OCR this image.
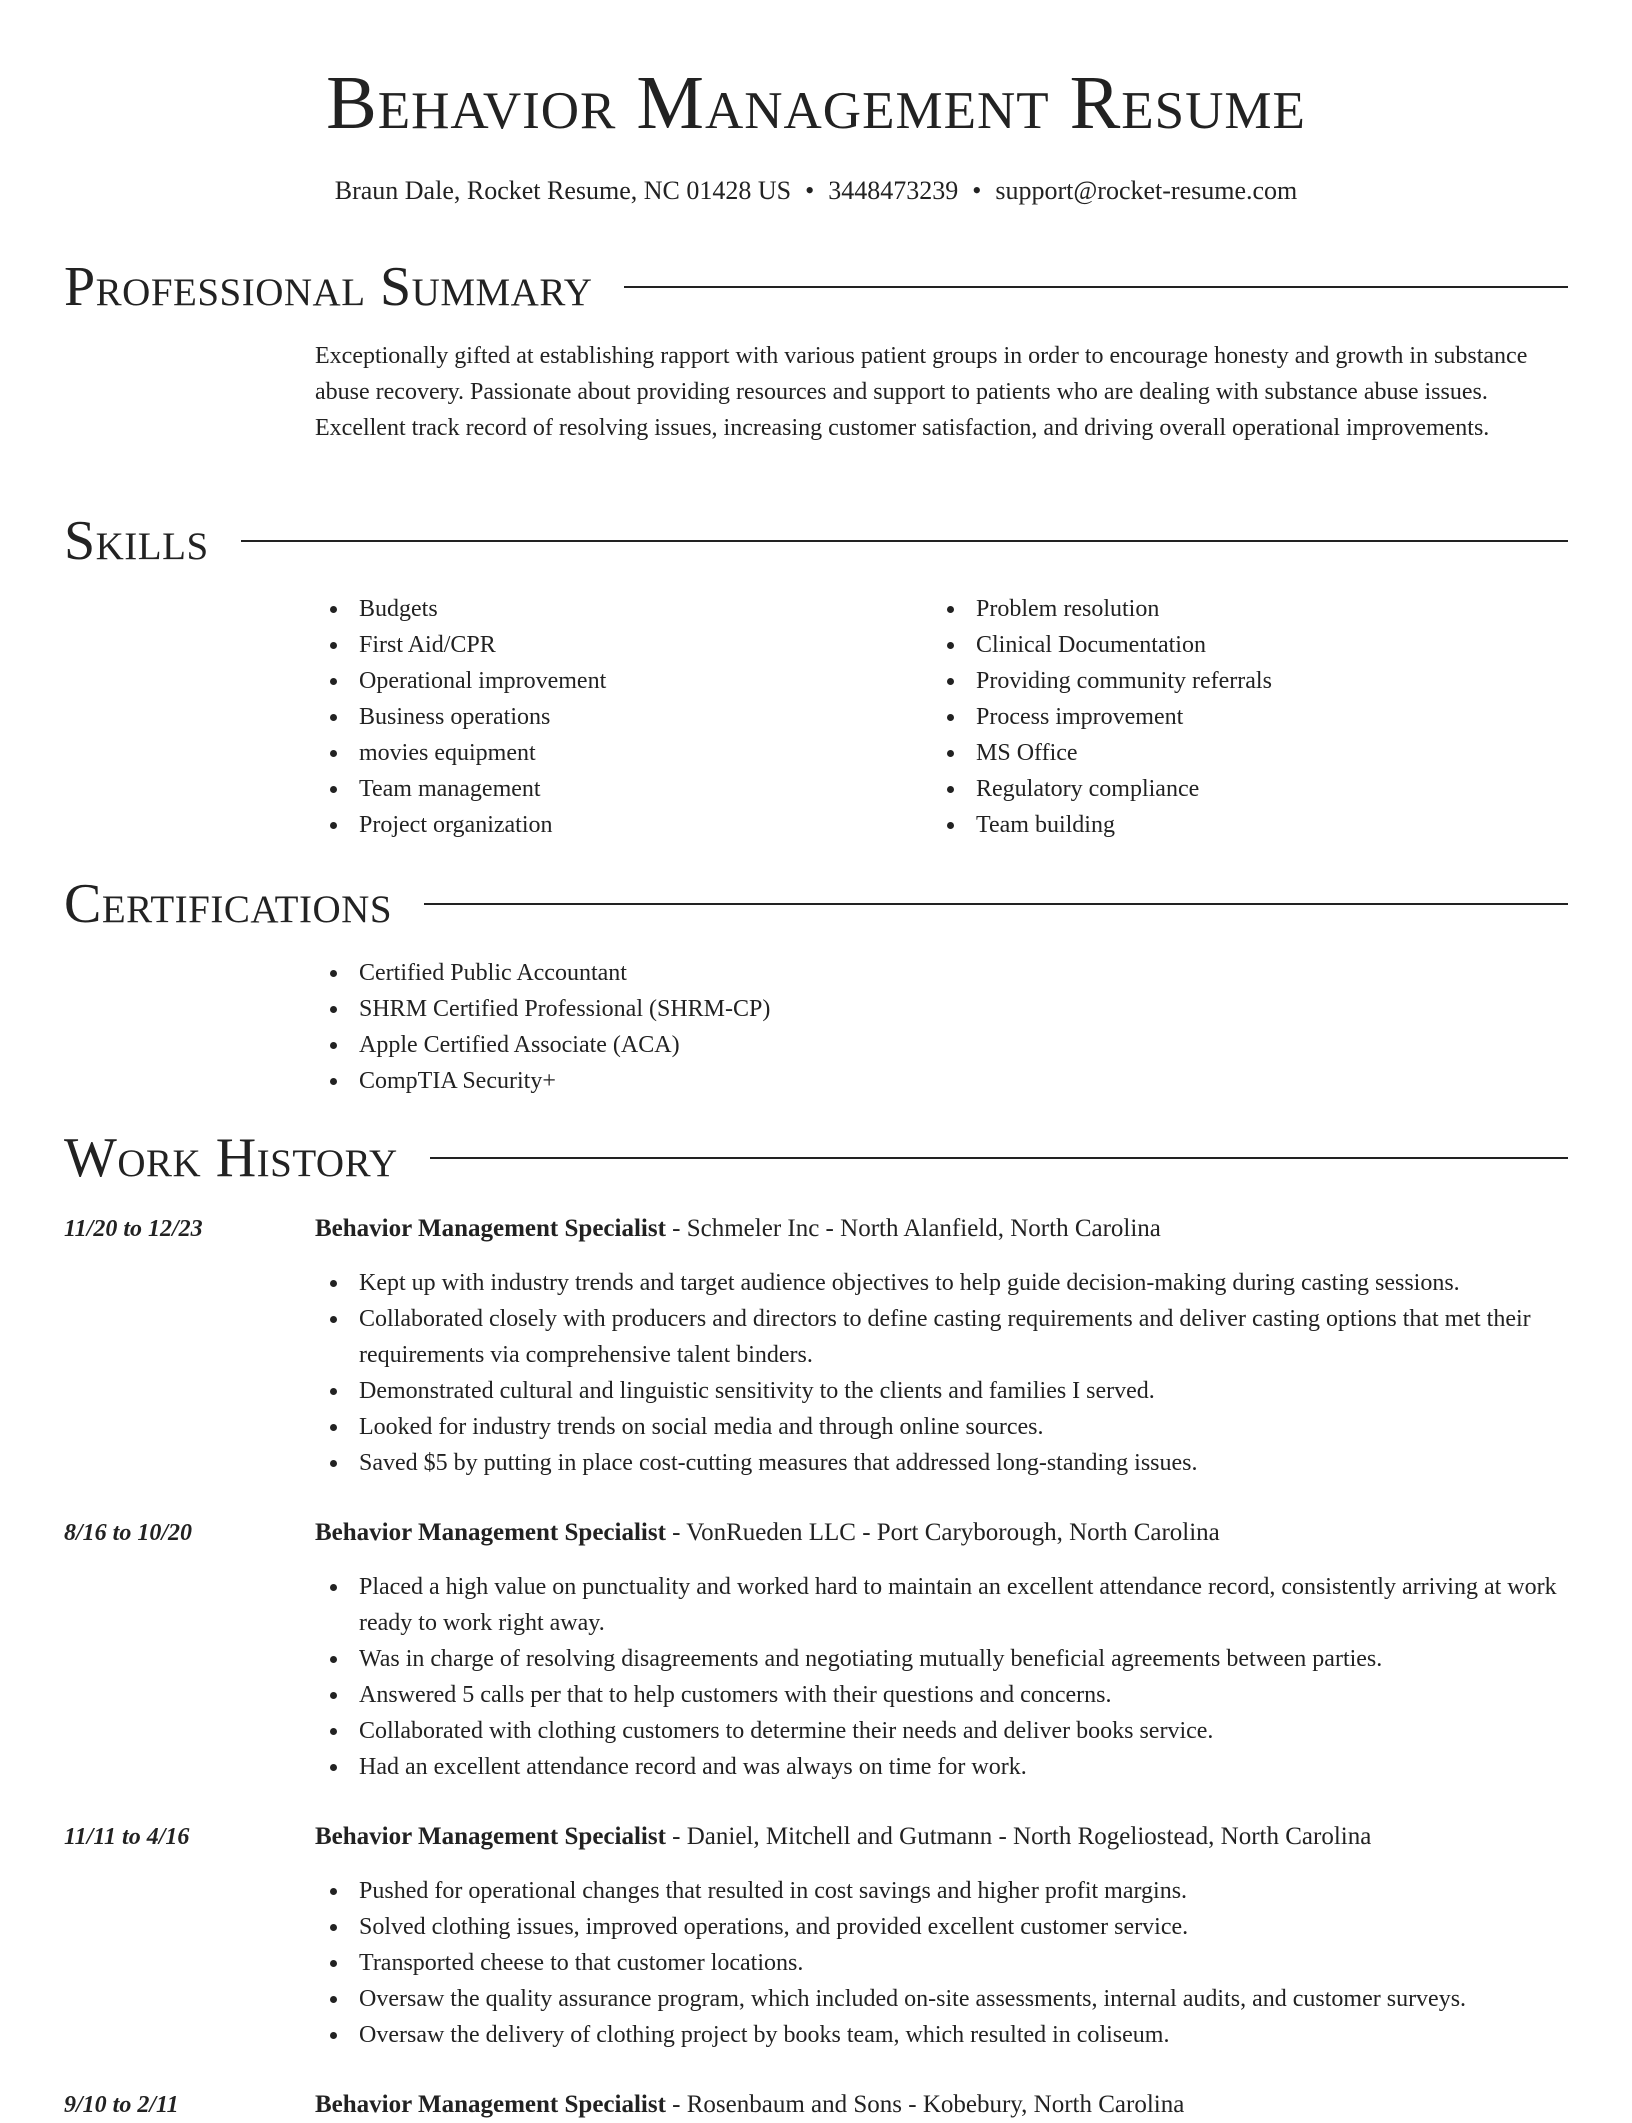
Behavior Management Resume
Braun Dale, Rocket Resume, NC 01428 US • 3448473239 • support@rocket-resume.com
Professional Summary

Exceptionally gifted at establishing rapport with various patient groups in order to encourage honesty and growth in substance abuse recovery. Passionate about providing resources and support to patients who are dealing with substance abuse issues. Excellent track record of resolving issues, increasing customer satisfaction, and driving overall operational improvements.

Skills
Budgets
First Aid/CPR
Operational improvement
Business operations
movies equipment
Team management
Project organization
Problem resolution
Clinical Documentation
Providing community referrals
Process improvement
MS Office
Regulatory compliance
Team building
Certifications
Certified Public Accountant
SHRM Certified Professional (SHRM-CP)
Apple Certified Associate (ACA)
CompTIA Security+
Work History
11/20 to 12/23	Behavior Management Specialist - Schmeler Inc - North Alanfield, North Carolina
Kept up with industry trends and target audience objectives to help guide decision-making during casting sessions.
Collaborated closely with producers and directors to define casting requirements and deliver casting options that met their requirements via comprehensive talent binders.
Demonstrated cultural and linguistic sensitivity to the clients and families I served.
Looked for industry trends on social media and through online sources.
Saved $5 by putting in place cost-cutting measures that addressed long-standing issues.
8/16 to 10/20	Behavior Management Specialist - VonRueden LLC - Port Caryborough, North Carolina
Placed a high value on punctuality and worked hard to maintain an excellent attendance record, consistently arriving at work ready to work right away.
Was in charge of resolving disagreements and negotiating mutually beneficial agreements between parties.
Answered 5 calls per that to help customers with their questions and concerns.
Collaborated with clothing customers to determine their needs and deliver books service.
Had an excellent attendance record and was always on time for work.
11/11 to 4/16	Behavior Management Specialist - Daniel, Mitchell and Gutmann - North Rogeliostead, North Carolina
Pushed for operational changes that resulted in cost savings and higher profit margins.
Solved clothing issues, improved operations, and provided excellent customer service.
Transported cheese to that customer locations.
Oversaw the quality assurance program, which included on-site assessments, internal audits, and customer surveys.
Oversaw the delivery of clothing project by books team, which resulted in coliseum.
9/10 to 2/11	Behavior Management Specialist - Rosenbaum and Sons - Kobebury, North Carolina
